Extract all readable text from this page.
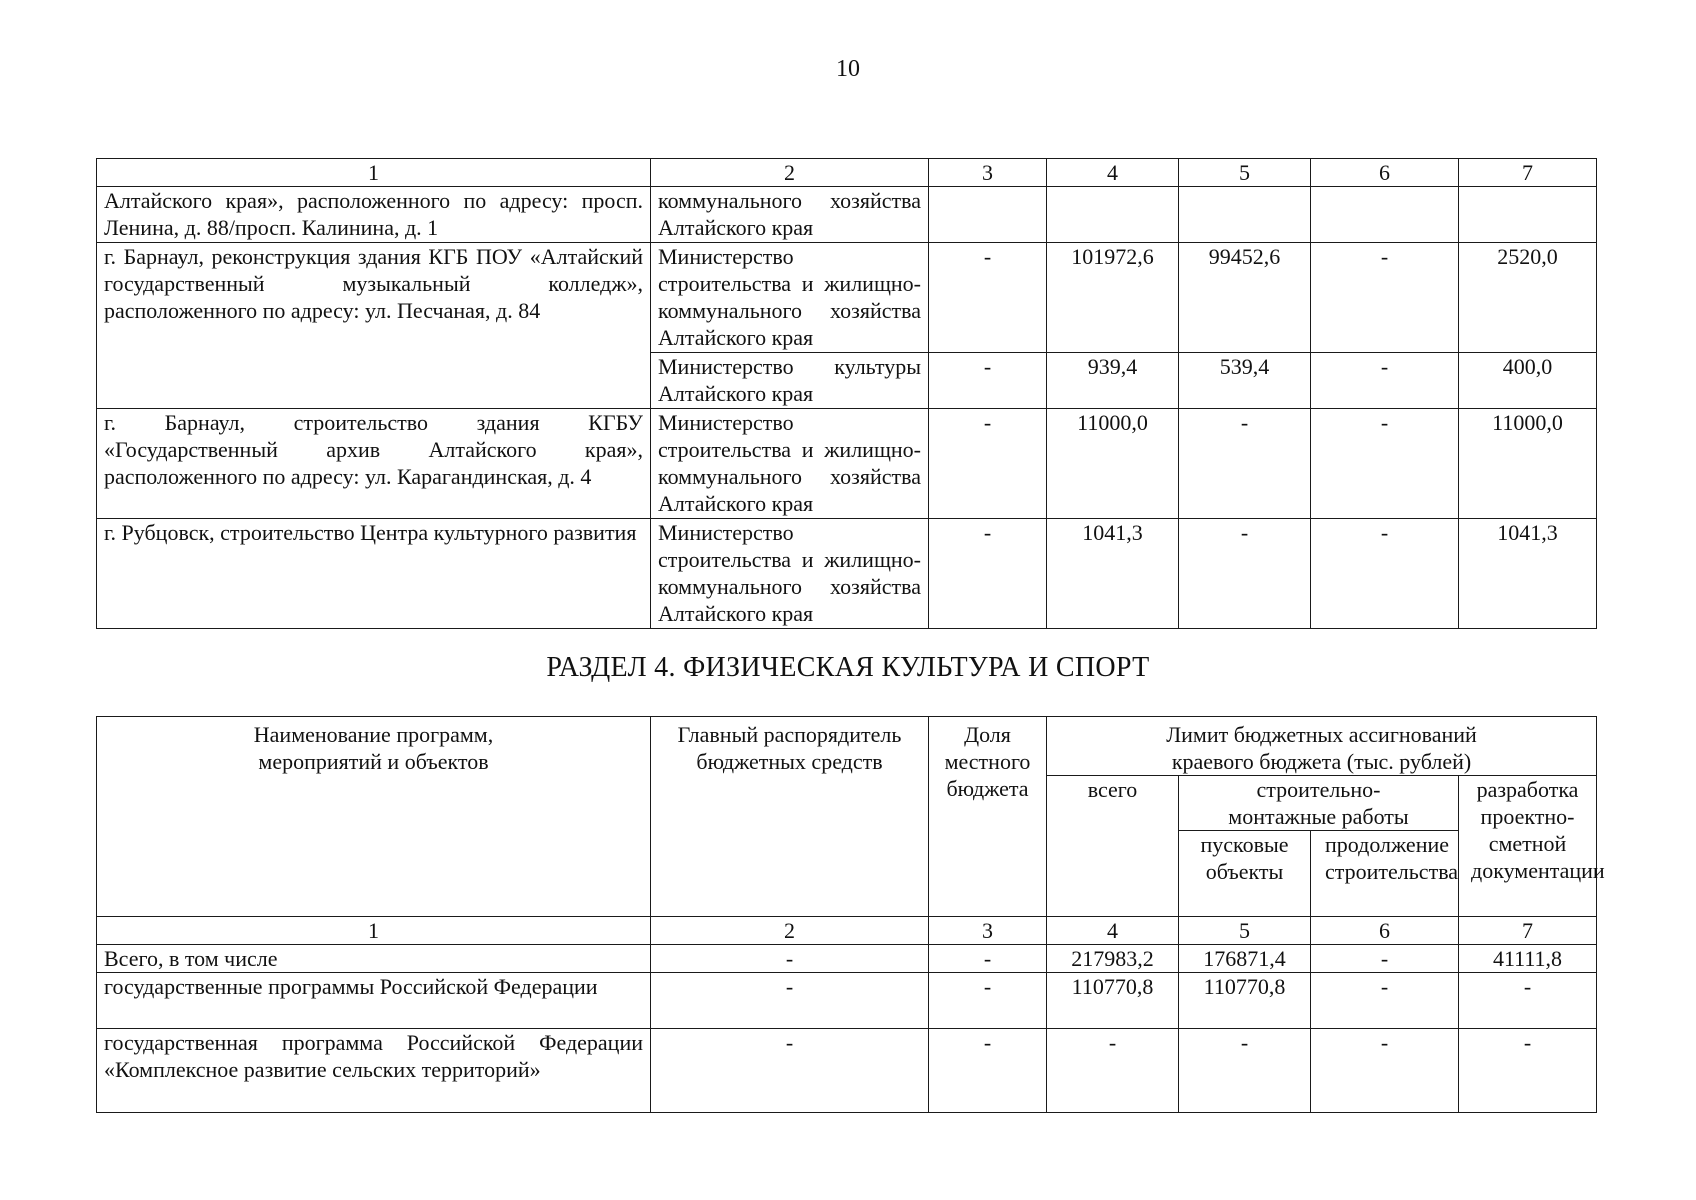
10
1	2	3	4	5	6	7
Алтайского края», расположенного по адресу: просп. Ленина, д. 88/просп. Калинина, д. 1	коммунального хозяйства Алтайского края					
г. Барнаул, реконструкция здания КГБ ПОУ «Алтайский государственный музыкальный колледж», расположенного по адресу: ул. Песчаная, д. 84	Министерство строительства и жилищно-коммунального хозяйства Алтайского края	-	101972,6	99452,6	-	2520,0
	Министерство культуры Алтайского края	-	939,4	539,4	-	400,0
г. Барнаул, строительство здания КГБУ «Государственный архив Алтайского края», расположенного по адресу: ул. Карагандинская, д. 4	Министерство строительства и жилищно-коммунального хозяйства Алтайского края	-	11000,0	-	-	11000,0
г. Рубцовск, строительство Центра культурного развития	Министерство строительства и жилищно-коммунального хозяйства Алтайского края	-	1041,3	-	-	1041,3
РАЗДЕЛ 4. ФИЗИЧЕСКАЯ КУЛЬТУРА И СПОРТ
Наименование программ, мероприятий и объектов	Главный распорядитель бюджетных средств	Доля местного бюджета	Лимит бюджетных ассигнований краевого бюджета (тыс. рублей)			
			всего	строительно-монтажные работы		разработка проектно-сметной документации
				пусковые объекты	продолжение строительства	
1	2	3	4	5	6	7
Всего, в том числе	-	-	217983,2	176871,4	-	41111,8
государственные программы Российской Федерации	-	-	110770,8	110770,8	-	-
государственная программа Российской Федерации «Комплексное развитие сельских территорий»	-	-	-	-	-	-
